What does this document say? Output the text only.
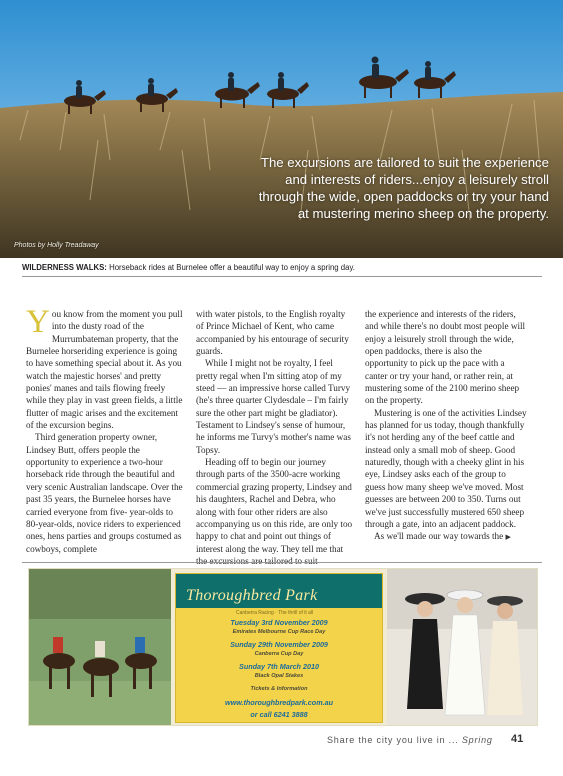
The excursions are tailored to suit the experience and interests of riders...enjoy a leisurely stroll through the wide, open paddocks or try your hand at mustering merino sheep on the property.
Photos by Holly Treadaway
WILDERNESS WALKS: Horseback rides at Burnelee offer a beautiful way to enjoy a spring day.

You know from the moment you pull into the dusty road of the Murrumbateman property, that the Burnelee horseriding experience is going to have something special about it. As you watch the majestic horses' and pretty ponies' manes and tails flowing freely while they play in vast green fields, a little flutter of magic arises and the excitement of the excursion begins.

Third generation property owner, Lindsey Butt, offers people the opportunity to experience a two-hour horseback ride through the beautiful and very scenic Australian landscape. Over the past 35 years, the Burnelee horses have carried everyone from five- year-olds to 80-year-olds, novice riders to experienced ones, hens parties and groups costumed as cowboys, complete

with water pistols, to the English royalty of Prince Michael of Kent, who came accompanied by his entourage of security guards.

While I might not be royalty, I feel pretty regal when I'm sitting atop of my steed — an impressive horse called Turvy (he's three quarter Clydesdale – I'm fairly sure the other part might be gladiator). Testament to Lindsey's sense of humour, he informs me Turvy's mother's name was Topsy.

Heading off to begin our journey through parts of the 3500-acre working commercial grazing property, Lindsey and his daughters, Rachel and Debra, who along with four other riders are also accompanying us on this ride, are only too happy to chat and point out things of interest along the way. They tell me that the excursions are tailored to suit

the experience and interests of the riders, and while there's no doubt most people will enjoy a leisurely stroll through the wide, open paddocks, there is also the opportunity to pick up the pace with a canter or try your hand, or rather rein, at mustering some of the 2100 merino sheep on the property.

Mustering is one of the activities Lindsey has planned for us today, though thankfully it's not herding any of the beef cattle and instead only a small mob of sheep. Good naturedly, though with a cheeky glint in his eye, Lindsey asks each of the group to guess how many sheep we've moved. Most guesses are between 200 to 350. Turns out we've just successfully mustered 650 sheep through a gate, into an adjacent paddock.

As we'll made our way towards the ▶

Thoroughbred Park
Canberra Racing · The thrill of it all
Tuesday 3rd November 2009
Emirates Melbourne Cup Race Day
Sunday 29th November 2009
Canberra Cup Day
Sunday 7th March 2010
Black Opal Stakes
Tickets & Information
www.thoroughbredpark.com.au
or call 6241 3888
Share the city you live in ... Spring 41
